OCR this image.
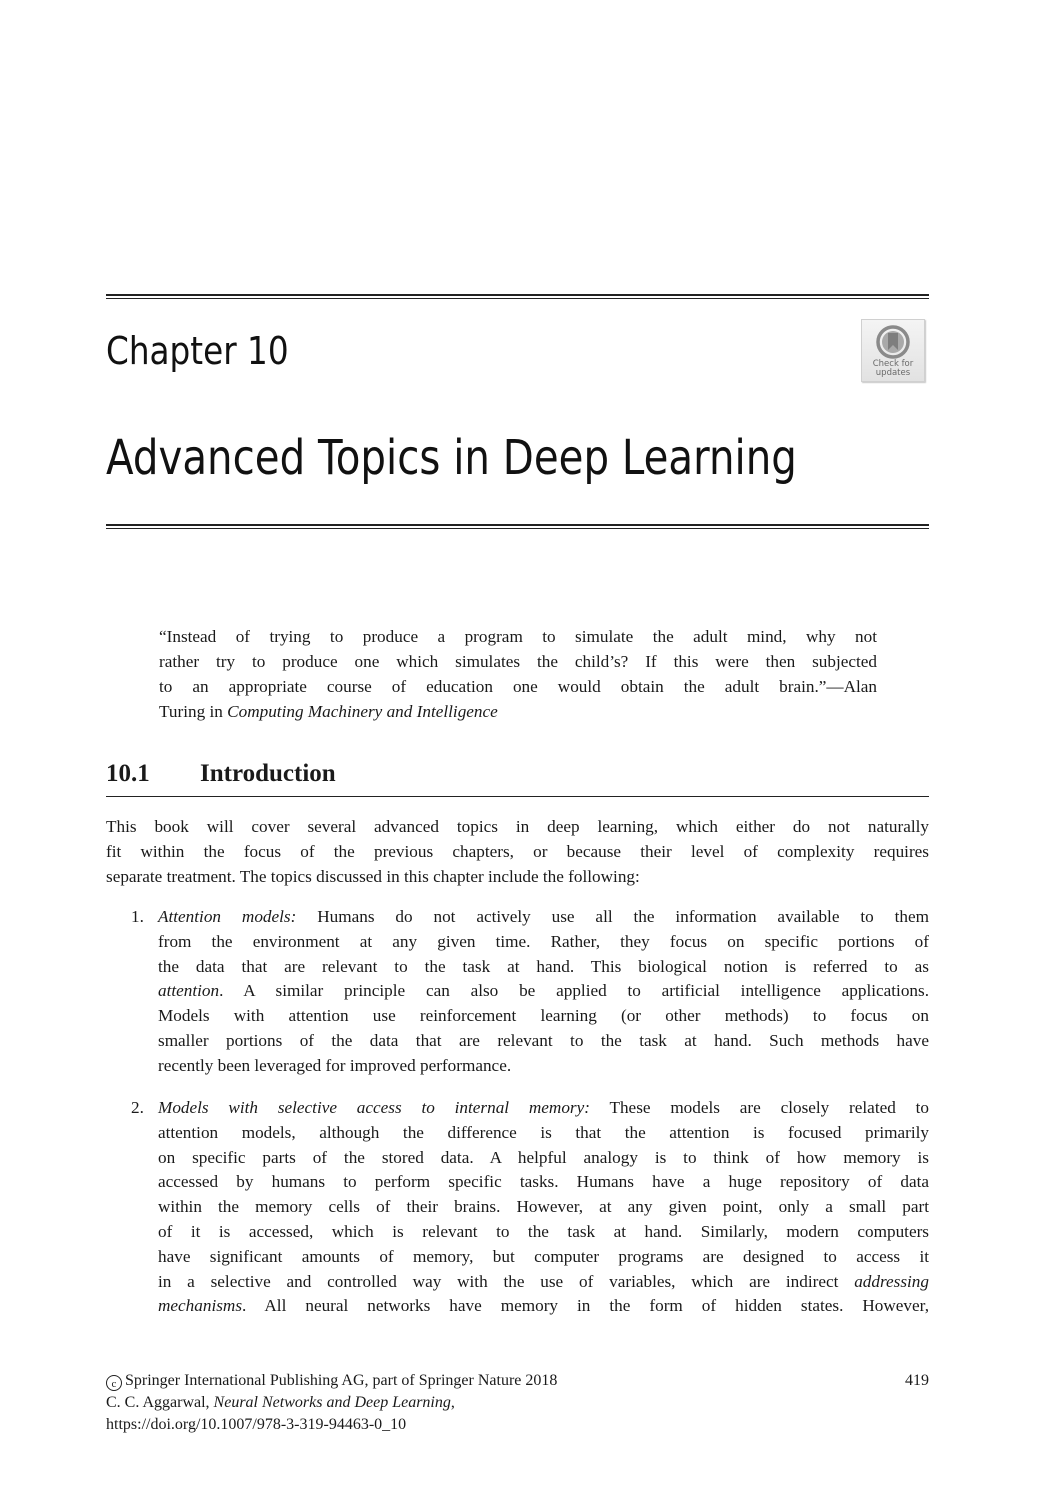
Chapter 10	Check for
updates
Advanced Topics in Deep Learning
“Instead of trying to produce a program to simulate the adult mind, why not
rather try to produce one which simulates the child’s? If this were then subjected
to an appropriate course of education one would obtain the adult brain.”—Alan
Turing in Computing Machinery and Intelligence
10.1 Introduction
This book will cover several advanced topics in deep learning, which either do not naturally
fit within the focus of the previous chapters, or because their level of complexity requires
separate treatment. The topics discussed in this chapter include the following:
1. Attention models: Humans do not actively use all the information available to them
from the environment at any given time. Rather, they focus on specific portions of
the data that are relevant to the task at hand. This biological notion is referred to as
attention. A similar principle can also be applied to artificial intelligence applications.
Models with attention use reinforcement learning (or other methods) to focus on
smaller portions of the data that are relevant to the task at hand. Such methods have
recently been leveraged for improved performance.
2. Models with selective access to internal memory: These models are closely related to
attention models, although the difference is that the attention is focused primarily
on specific parts of the stored data. A helpful analogy is to think of how memory is
accessed by humans to perform specific tasks. Humans have a huge repository of data
within the memory cells of their brains. However, at any given point, only a small part
of it is accessed, which is relevant to the task at hand. Similarly, modern computers
have significant amounts of memory, but computer programs are designed to access it
in a selective and controlled way with the use of variables, which are indirect addressing
mechanisms. All neural networks have memory in the form of hidden states. However,
c Springer International Publishing AG, part of Springer Nature 2018	419
C. C. Aggarwal, Neural Networks and Deep Learning,
https://doi.org/10.1007/978-3-319-94463-0_10
